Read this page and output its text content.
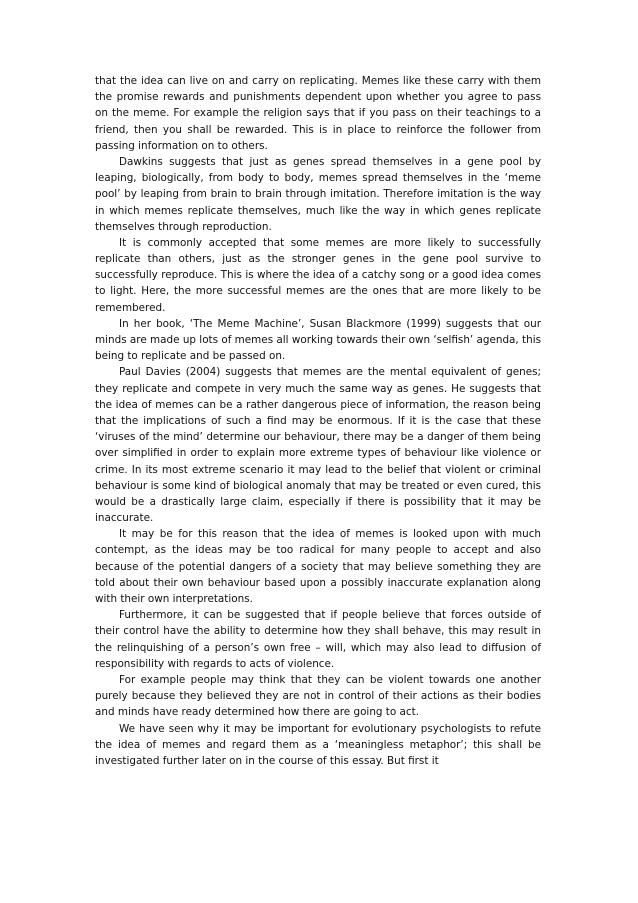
that the idea can live on and carry on replicating. Memes like these carry with them the promise rewards and punishments dependent upon whether you agree to pass on the meme. For example the religion says that if you pass on their teachings to a friend, then you shall be rewarded. This is in place to reinforce the follower from passing information on to others.

Dawkins suggests that just as genes spread themselves in a gene pool by leaping, biologically, from body to body, memes spread themselves in the ‘meme pool’ by leaping from brain to brain through imitation. Therefore imitation is the way in which memes replicate themselves, much like the way in which genes replicate themselves through reproduction.

It is commonly accepted that some memes are more likely to successfully replicate than others, just as the stronger genes in the gene pool survive to successfully reproduce. This is where the idea of a catchy song or a good idea comes to light. Here, the more successful memes are the ones that are more likely to be remembered.

In her book, ‘The Meme Machine’, Susan Blackmore (1999) suggests that our minds are made up lots of memes all working towards their own ‘selfish’ agenda, this being to replicate and be passed on.

Paul Davies (2004) suggests that memes are the mental equivalent of genes; they replicate and compete in very much the same way as genes. He suggests that the idea of memes can be a rather dangerous piece of information, the reason being that the implications of such a find may be enormous. If it is the case that these ‘viruses of the mind’ determine our behaviour, there may be a danger of them being over simplified in order to explain more extreme types of behaviour like violence or crime. In its most extreme scenario it may lead to the belief that violent or criminal behaviour is some kind of biological anomaly that may be treated or even cured, this would be a drastically large claim, especially if there is possibility that it may be inaccurate.

It may be for this reason that the idea of memes is looked upon with much contempt, as the ideas may be too radical for many people to accept and also because of the potential dangers of a society that may believe something they are told about their own behaviour based upon a possibly inaccurate explanation along with their own interpretations.

Furthermore, it can be suggested that if people believe that forces outside of their control have the ability to determine how they shall behave, this may result in the relinquishing of a person’s own free – will, which may also lead to diffusion of responsibility with regards to acts of violence.

For example people may think that they can be violent towards one another purely because they believed they are not in control of their actions as their bodies and minds have ready determined how there are going to act.

We have seen why it may be important for evolutionary psychologists to refute the idea of memes and regard them as a ‘meaningless metaphor’; this shall be investigated further later on in the course of this essay. But first it
